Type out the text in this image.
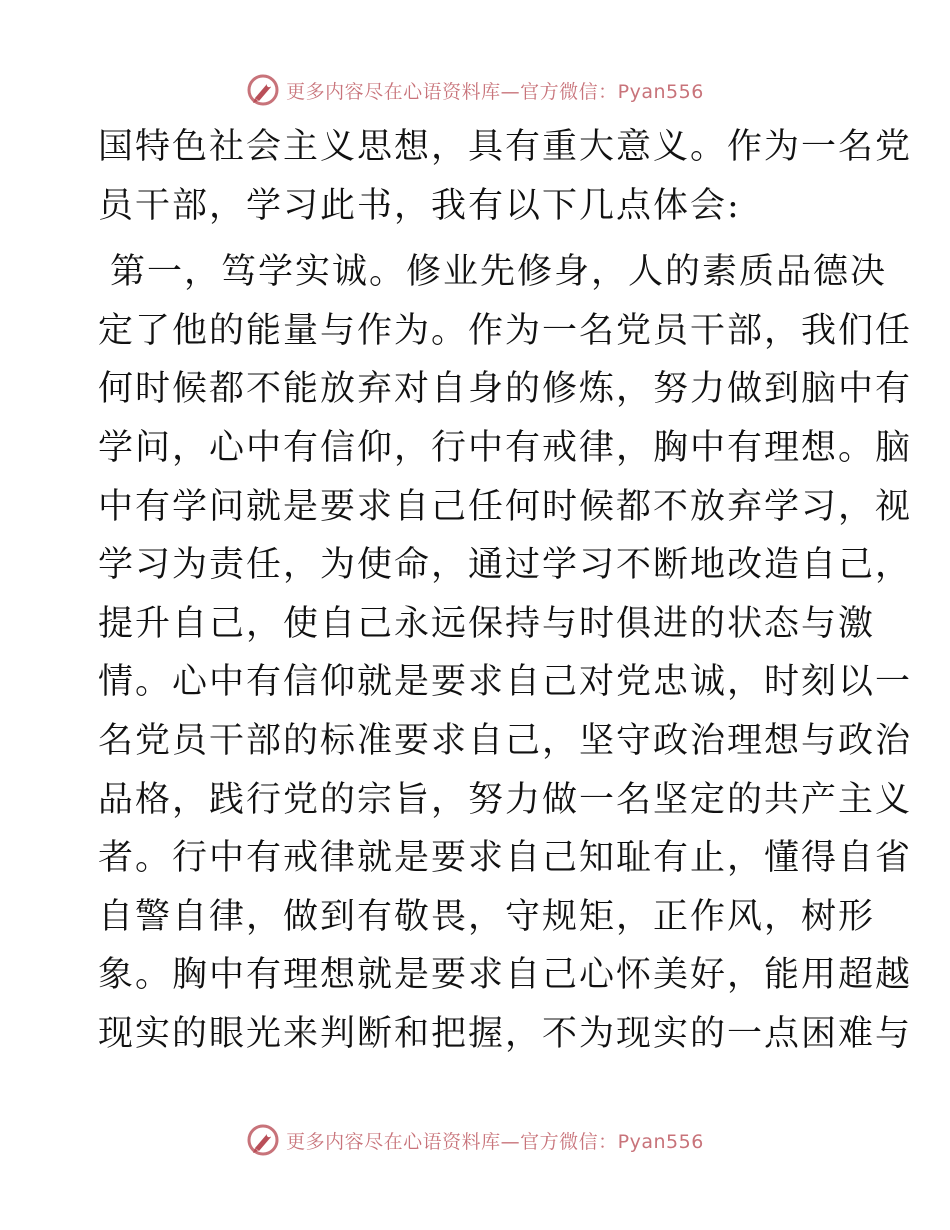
更多内容尽在心语资料库—官方微信：Pyan556
国特色社会主义思想，具有重大意义。作为一名党
员干部，学习此书，我有以下几点体会:
第一，笃学实诚。修业先修身，人的素质品德决
定了他的能量与作为。作为一名党员干部，我们任
何时候都不能放弃对自身的修炼，努力做到脑中有
学问，心中有信仰，行中有戒律，胸中有理想。脑
中有学问就是要求自己任何时候都不放弃学习，视
学习为责任，为使命，通过学习不断地改造自己，
提升自己，使自己永远保持与时俱进的状态与激
情。心中有信仰就是要求自己对党忠诚，时刻以一
名党员干部的标准要求自己，坚守政治理想与政治
品格，践行党的宗旨，努力做一名坚定的共产主义
者。行中有戒律就是要求自己知耻有止，懂得自省
自警自律，做到有敬畏，守规矩，正作风，树形
象。胸中有理想就是要求自己心怀美好，能用超越
现实的眼光来判断和把握，不为现实的一点困难与
更多内容尽在心语资料库—官方微信：Pyan556
